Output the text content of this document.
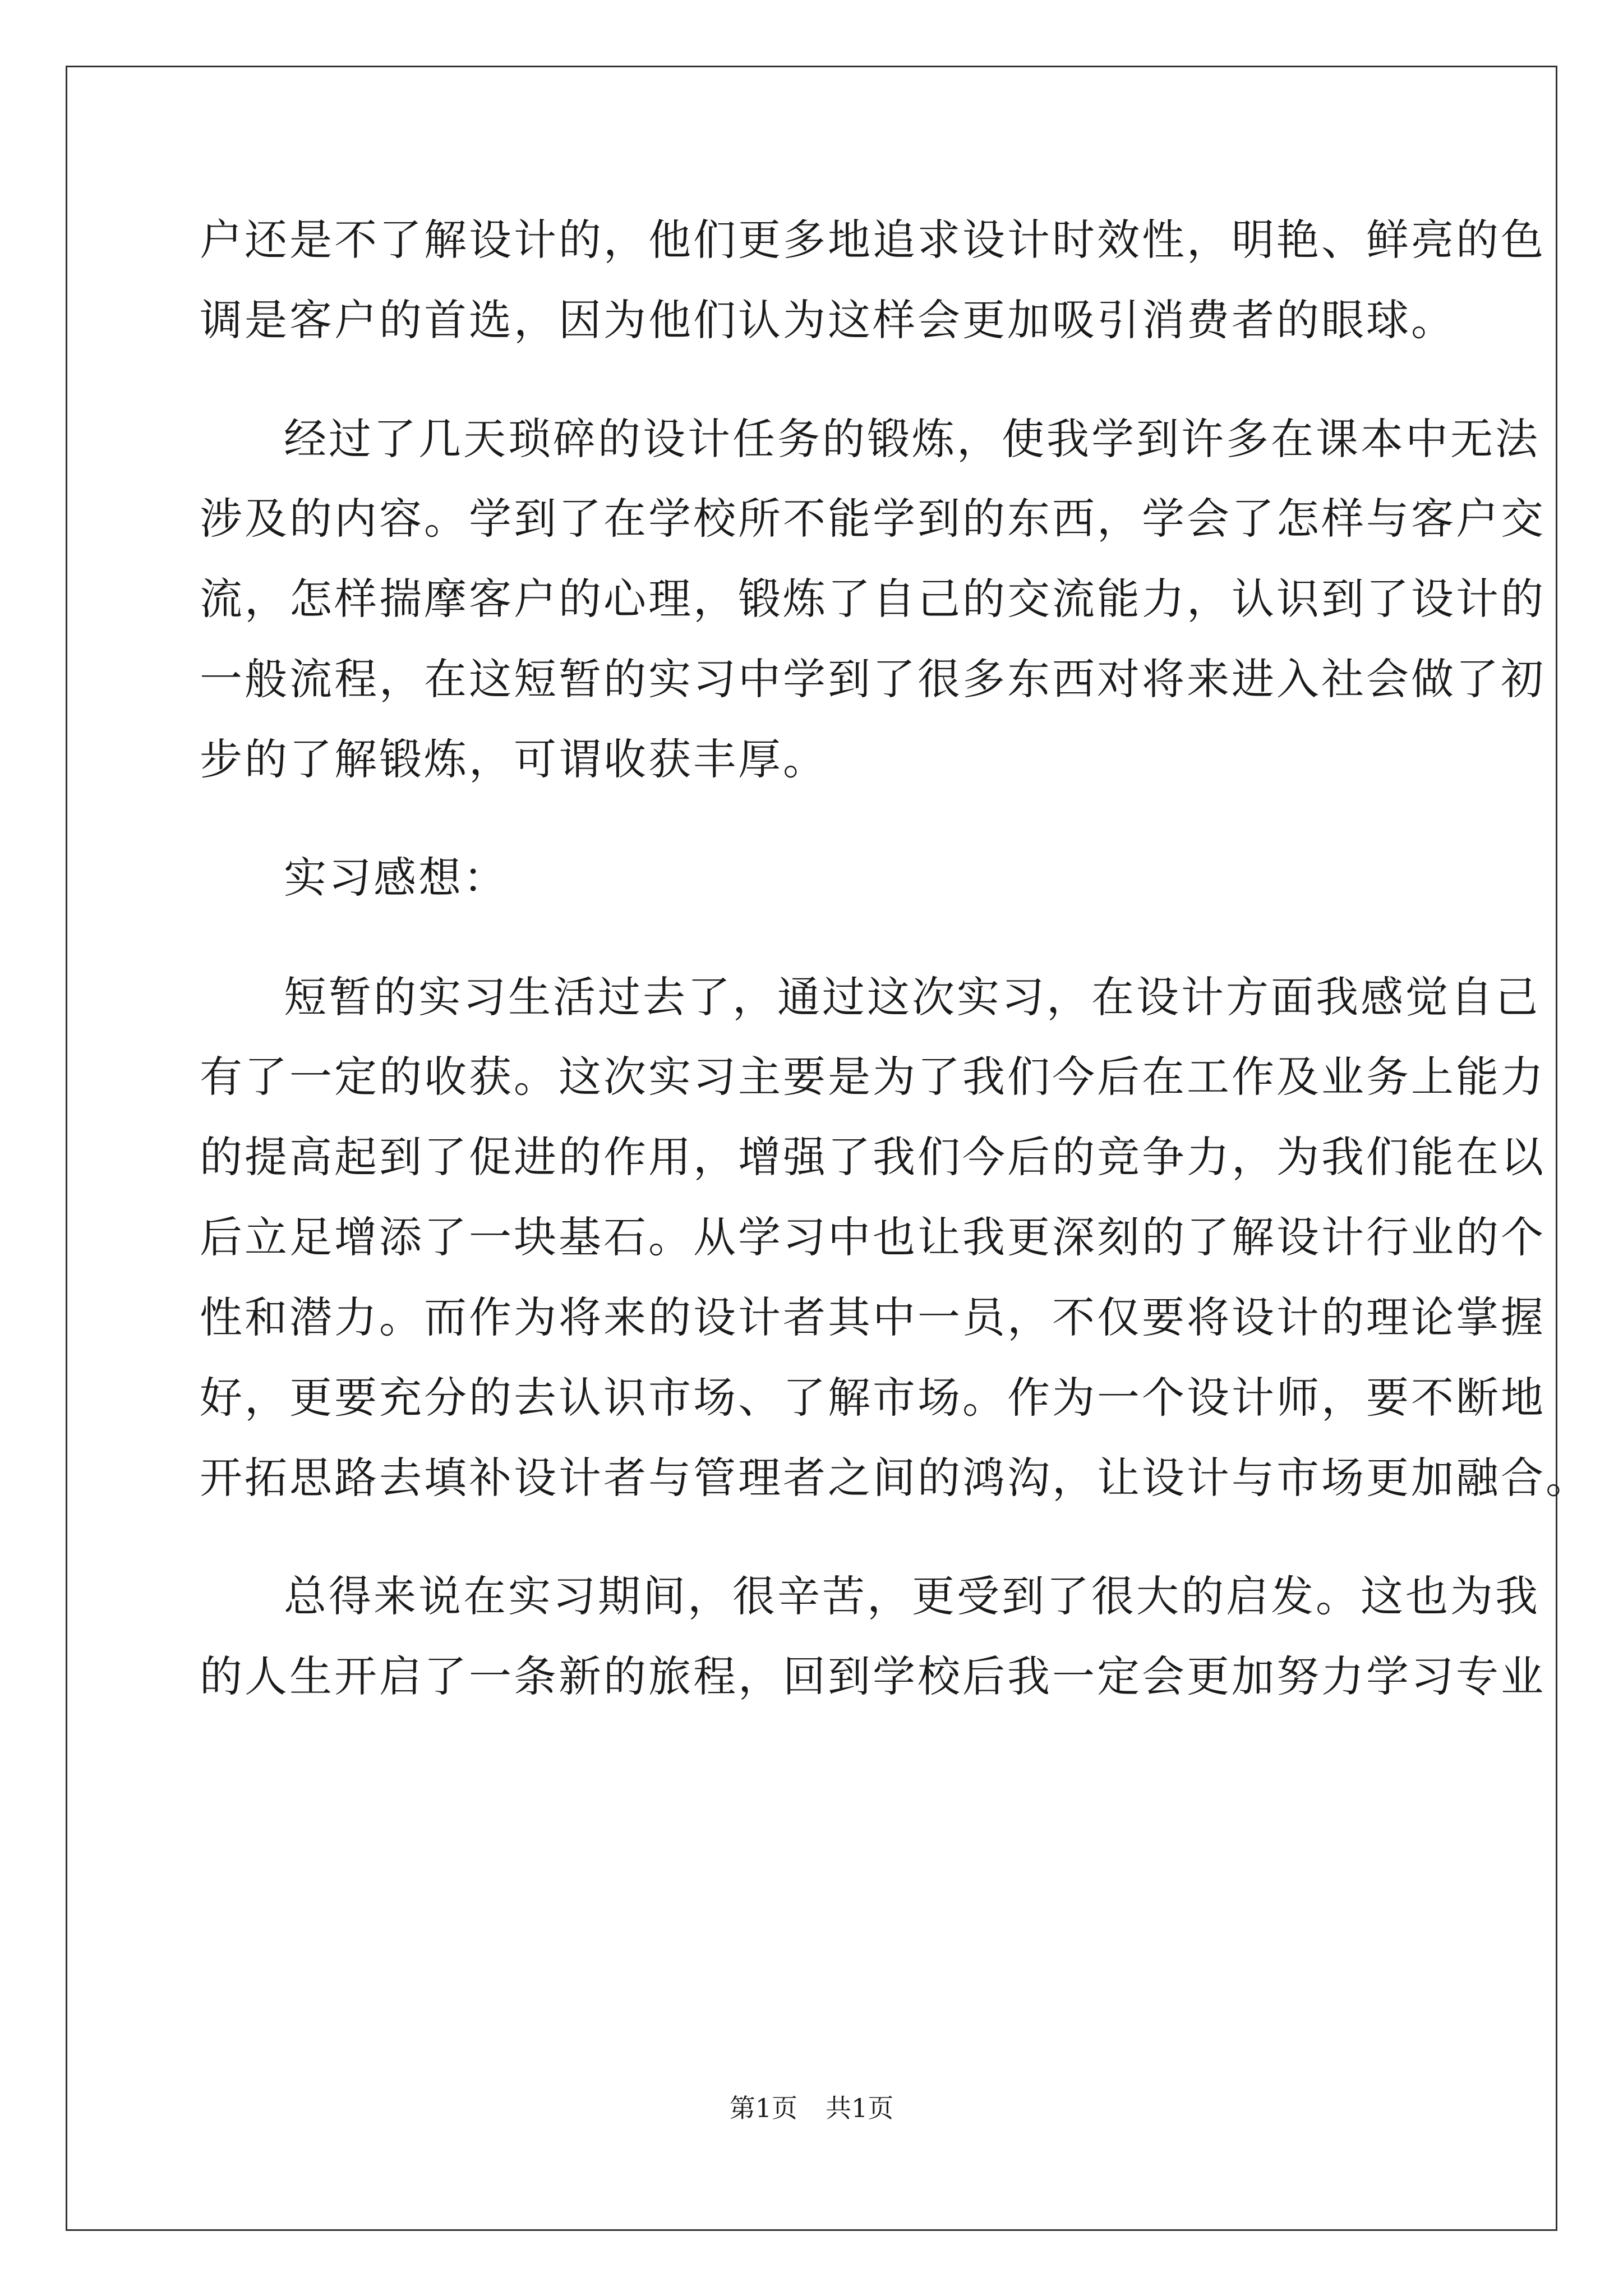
户还是不了解设计的，他们更多地追求设计时效性，明艳、鲜亮的色
调是客户的首选，因为他们认为这样会更加吸引消费者的眼球。
经过了几天琐碎的设计任务的锻炼，使我学到许多在课本中无法
涉及的内容。学到了在学校所不能学到的东西，学会了怎样与客户交
流，怎样揣摩客户的心理，锻炼了自己的交流能力，认识到了设计的
一般流程，在这短暂的实习中学到了很多东西对将来进入社会做了初
步的了解锻炼，可谓收获丰厚。
实习感想：
短暂的实习生活过去了，通过这次实习，在设计方面我感觉自己
有了一定的收获。这次实习主要是为了我们今后在工作及业务上能力
的提高起到了促进的作用，增强了我们今后的竞争力，为我们能在以
后立足增添了一块基石。从学习中也让我更深刻的了解设计行业的个
性和潜力。而作为将来的设计者其中一员，不仅要将设计的理论掌握
好，更要充分的去认识市场、了解市场。作为一个设计师，要不断地
开拓思路去填补设计者与管理者之间的鸿沟，让设计与市场更加融合。
总得来说在实习期间，很辛苦，更受到了很大的启发。这也为我
的人生开启了一条新的旅程，回到学校后我一定会更加努力学习专业
第1页 共1页
